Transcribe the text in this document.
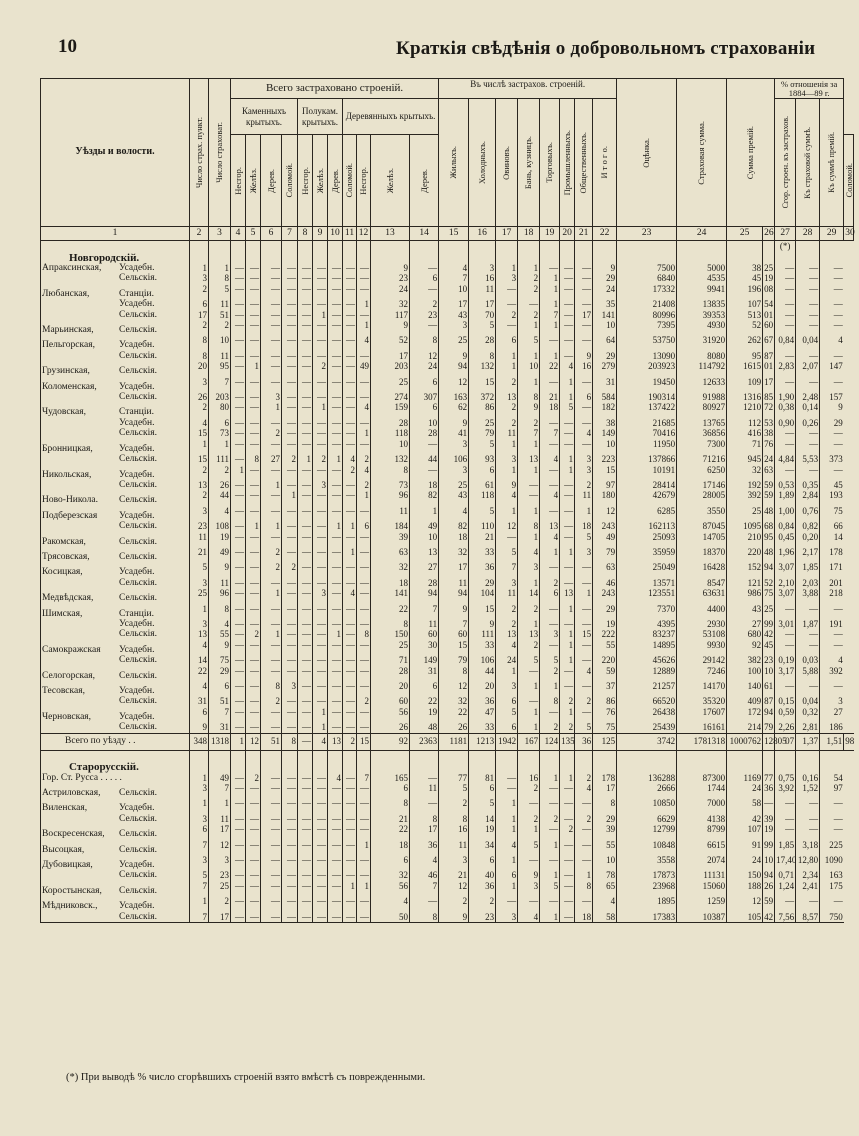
10	Краткія свѣдѣнія о добровольномъ страхованіи
Уѣзды и волости.	Число страх. пункт.	Число страховат.	Всего застраховано строеній.											Въ числѣ застрахов. строеній.								Оцѣнка.	Страховая сумма.	Сумма премій.		% отношенія за 1884—89 г.			
			Каменныхъ крытыхъ.				Полукам. крытыхъ.			Деревянныхъ крытыхъ.				Жилыхъ.	Холодныхъ.	Овиновъ.	Бань, кузницъ.	Торговыхъ.	Промышленныхъ.	Общественныхъ.	И т о г о.					Сгор. строен. къ застрахов.	Къ страховой суммѣ.	Къ суммѣ премій.	

			Несгор.	Желѣз.	Дерев.	Соломой.	Несгор.	Желѣз.	Дерев.	Соломой.	Несгор.	Желѣз.	Дерев.																Соломой.

1	2	3	4	5	6	7	8	9	10	11	12	13	14	15	16	17	18	19	20	21	22	23	24	25	26	27	28	29	30
Новгородскій.																										(*)			
Апраксинская, Усадебн.	1	1	—	—	—	—	—	—	—	—	—	9	—	4	3	1	1	—	—	—	9	7500	5000	38	25	—	—	—	
Сельскія.	3	8	—	—	—	—	—	—	—	—	—	23	6	7	16	3	2	1	—	—	29	6840	4535	45	19	—	—	—	
Любанская, Станціи.	2	5	—	—	—	—	—	—	—	—	—	24	—	10	11	—	2	1	—	—	24	17332	9941	196	08	—	—	—	
Усадебн.	6	11	—	—	—	—	—	—	—	—	1	32	2	17	17	—	—	1	—	—	35	21408	13835	107	54	—	—	—	
Сельскія.	17	51	—	—	—	—	—	1	—	—	—	117	23	43	70	2	2	7	—	17	141	80996	39353	513	01	—	—	—	
Марьинская, Сельскія.	2	2	—	—	—	—	—	—	—	—	1	9	—	3	5	—	1	1	—	—	10	7395	4930	52	60	—	—	—	
Пельгорская, Усадебн.	8	10	—	—	—	—	—	—	—	—	4	52	8	25	28	6	5	—	—	—	64	53750	31920	262	67	0,84	0,04	4	
Сельскія.	8	11	—	—	—	—	—	—	—	—	—	17	12	9	8	1	1	1	—	9	29	13090	8080	95	87	—	—	—	
Грузинская, Сельскія.	20	95	—	1	—	—	—	2	—	—	49	203	24	94	132	1	10	22	4	16	279	203923	114792	1615	01	2,83	2,07	147	
Коломенская, Усадебн.	3	7	—	—	—	—	—	—	—	—	—	25	6	12	15	2	1	—	1	—	31	19450	12633	109	17	—	—	—	
Сельскія.	26	203	—	—	3	—	—	—	—	—	—	274	307	163	372	13	8	21	1	6	584	190314	91988	1316	85	1,90	2,48	157	
Чудовская, Станціи.	2	80	—	—	1	—	—	1	—	—	4	159	6	62	86	2	9	18	5	—	182	137422	80927	1210	72	0,38	0,14	9	
Усадебн.	4	6	—	—	—	—	—	—	—	—	—	28	10	9	25	2	2	—	—	—	38	21685	13765	112	53	0,90	0,26	29	
Сельскія.	15	73	—	—	2	—	—	—	—	—	1	118	28	41	79	11	7	7	—	4	149	70416	36856	416	38	—	—	—	
Бронницкая, Усадебн.	1	1	—	—	—	—	—	—	—	—	—	10	—	3	5	1	1	—	—	—	10	11950	7300	71	76	—	—	—	
Сельскія.	15	111	—	8	27	2	1	2	1	4	2	132	44	106	93	3	13	4	1	3	223	137866	71216	945	24	4,84	5,53	373	
Никольская, Усадебн.	2	2	1	—	—	—	—	—	—	2	4	8	—	3	6	1	1	—	1	3	15	10191	6250	32	63	—	—	—	
Сельскія.	13	26	—	—	1	—	—	3	—	—	2	73	18	25	61	9	—	—	—	2	97	28414	17146	192	59	0,53	0,35	45	
Ново-Никола. Сельскія.	2	44	—	—	—	1	—	—	—	—	1	96	82	43	118	4	—	4	—	11	180	42679	28005	392	59	1,89	2,84	193	
Подберезская Усадебн.	3	4	—	—	—	—	—	—	—	—	—	11	1	4	5	1	1	—	—	1	12	6285	3550	25	48	1,00	0,76	75	
Сельскія.	23	108	—	1	1	—	—	—	1	1	6	184	49	82	110	12	8	13	—	18	243	162113	87045	1095	68	0,84	0,82	66	
Ракомская, Сельскія.	11	19	—	—	—	—	—	—	—	—	—	39	10	18	21	—	1	4	—	5	49	25093	14705	210	95	0,45	0,20	14	
Трясовская, Сельскія.	21	49	—	—	2	—	—	—	—	1	—	63	13	32	33	5	4	1	1	3	79	35959	18370	220	48	1,96	2,17	178	
Косицкая, Усадебн.	5	9	—	—	2	2	—	—	—	—	—	32	27	17	36	7	3	—	—	—	63	25049	16428	152	94	3,07	1,85	171	
Сельскія.	3	11	—	—	—	—	—	—	—	—	—	18	28	11	29	3	1	2	—	—	46	13571	8547	121	52	2,10	2,03	201	
Медвѣдская, Сельскія.	25	96	—	—	1	—	—	3	—	4	—	141	94	94	104	11	14	6	13	1	243	123551	63631	986	75	3,07	3,88	218	
Шимская, Станціи.	1	8	—	—	—	—	—	—	—	—	—	22	7	9	15	2	2	—	1	—	29	7370	4400	43	25	—	—	—	
Усадебн.	3	4	—	—	—	—	—	—	—	—	—	8	11	7	9	2	1	—	—	—	19	4395	2930	27	99	3,01	1,87	191	
Сельскія.	13	55	—	2	1	—	—	—	1	—	8	150	60	60	111	13	13	3	1	15	222	83237	53108	680	42	—	—	—	
Самокражская Усадебн.	4	9	—	—	—	—	—	—	—	—	—	25	30	15	33	4	2	—	1	—	55	14895	9930	92	45	—	—	—	
Сельскія.	14	75	—	—	—	—	—	—	—	—	—	71	149	79	106	24	5	5	1	—	220	45626	29142	382	23	0,19	0,03	4	
Селогорская, Сельскія.	22	29	—	—	—	—	—	—	—	—	—	28	31	8	44	1	—	2	—	4	59	12889	7246	100	10	3,17	5,88	392	
Тесовская, Усадебн.	4	6	—	—	8	3	—	—	—	—	—	20	6	12	20	3	1	1	—	—	37	21257	14170	140	61	—	—	—	
Сельскія.	31	51	—	—	2	—	—	—	—	—	2	60	22	32	36	6	—	8	2	2	86	66520	35320	409	87	0,15	0,04	3	
Черновская, Усадебн.	6	7	—	—	—	—	—	1	—	—	—	56	19	22	47	5	1	—	1	—	76	26438	17607	172	94	0,59	0,32	27	
Сельскія.	9	31	—	—	—	—	—	1	—	—	—	26	48	26	33	6	1	2	2	5	75	25439	16161	214	79	2,26	2,81	186	
Всего по уѣзду . .	348	1318	1	12	51	8	—	4	13	2	15	92	2363	1181	1213	1942	167	124	135	36	125	3742	1781318	1000762	12805	07	1,37	1,51	98
Старорусскій.																													
Гор. Ст. Русса . . . . .	1	49	—	2	—	—	—	—	4	—	7	165	—	77	81	—	16	1	1	2	178	136288	87300	1169	77	0,75	0,16	54	
Астриловская, Сельскія.	3	7	—	—	—	—	—	—	—	—	—	6	11	5	6	—	2	—	—	4	17	2666	1744	24	36	3,92	1,52	97	
Виленская, Усадебн.	1	1	—	—	—	—	—	—	—	—	—	8	—	2	5	1	—	—	—	—	8	10850	7000	58	—	—	—	—	
Сельскія.	3	11	—	—	—	—	—	—	—	—	—	21	8	8	14	1	2	2	—	2	29	6629	4138	42	39	—	—	—	
Воскресенская, Сельскія.	6	17	—	—	—	—	—	—	—	—	—	22	17	16	19	1	1	—	2	—	39	12799	8799	107	19	—	—	—	
Высоцкая, Сельскія.	7	12	—	—	—	—	—	—	—	—	1	18	36	11	34	4	5	1	—	—	55	10848	6615	91	99	1,85	3,18	225	
Дубовицкая, Усадебн.	3	3	—	—	—	—	—	—	—	—	—	6	4	3	6	1	—	—	—	—	10	3558	2074	24	10	17,40	12,80	1090	
Сельскія.	5	23	—	—	—	—	—	—	—	—	—	32	46	21	40	6	9	1	—	1	78	17873	11131	150	94	0,71	2,34	163	
Коростынская, Сельскія.	7	25	—	—	—	—	—	—	—	1	1	56	7	12	36	1	3	5	—	8	65	23968	15060	188	26	1,24	2,41	175	
Мѣдниковск., Усадебн.	1	2	—	—	—	—	—	—	—	—	—	4	—	2	2	—	—	—	—	—	4	1895	1259	12	59	—	—	—	
Сельскія.	7	17	—	—	—	—	—	—	—	—	—	50	8	9	23	3	4	1	—	18	58	17383	10387	105	42	7,56	8,57	750	
(*) При выводѣ % число сгорѣвшихъ строеній взято вмѣстѣ съ поврежденными.
